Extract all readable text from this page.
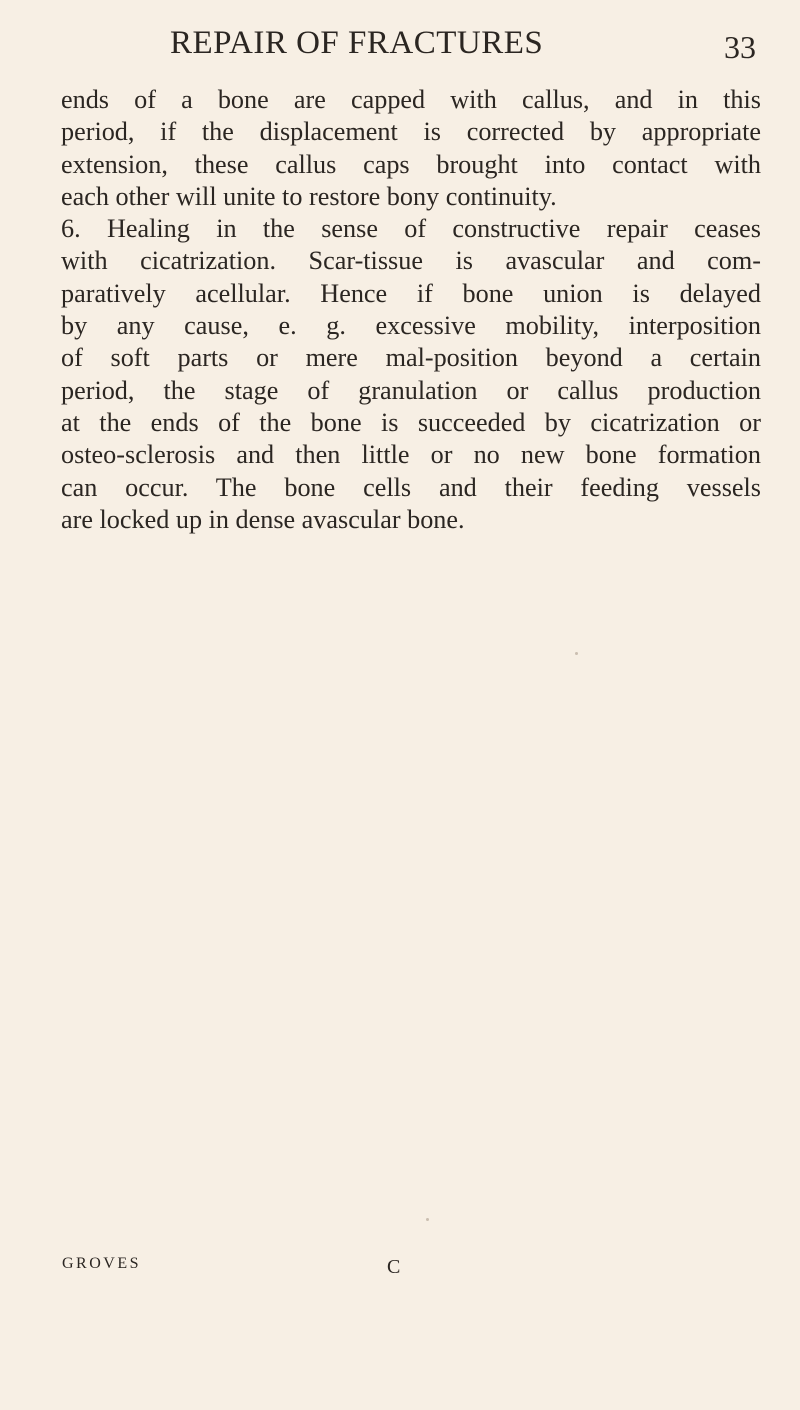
REPAIR OF FRACTURES	33
ends of a bone are capped with callus, and in this
period, if the displacement is corrected by appropriate
extension, these callus caps brought into contact with
each other will unite to restore bony continuity.
6. Healing in the sense of constructive repair ceases
with cicatrization. Scar-tissue is avascular and com-
paratively acellular. Hence if bone union is delayed
by any cause, e. g. excessive mobility, interposition
of soft parts or mere mal-position beyond a certain
period, the stage of granulation or callus production
at the ends of the bone is succeeded by cicatrization or
osteo-sclerosis and then little or no new bone formation
can occur. The bone cells and their feeding vessels
are locked up in dense avascular bone.
GROVES	C
